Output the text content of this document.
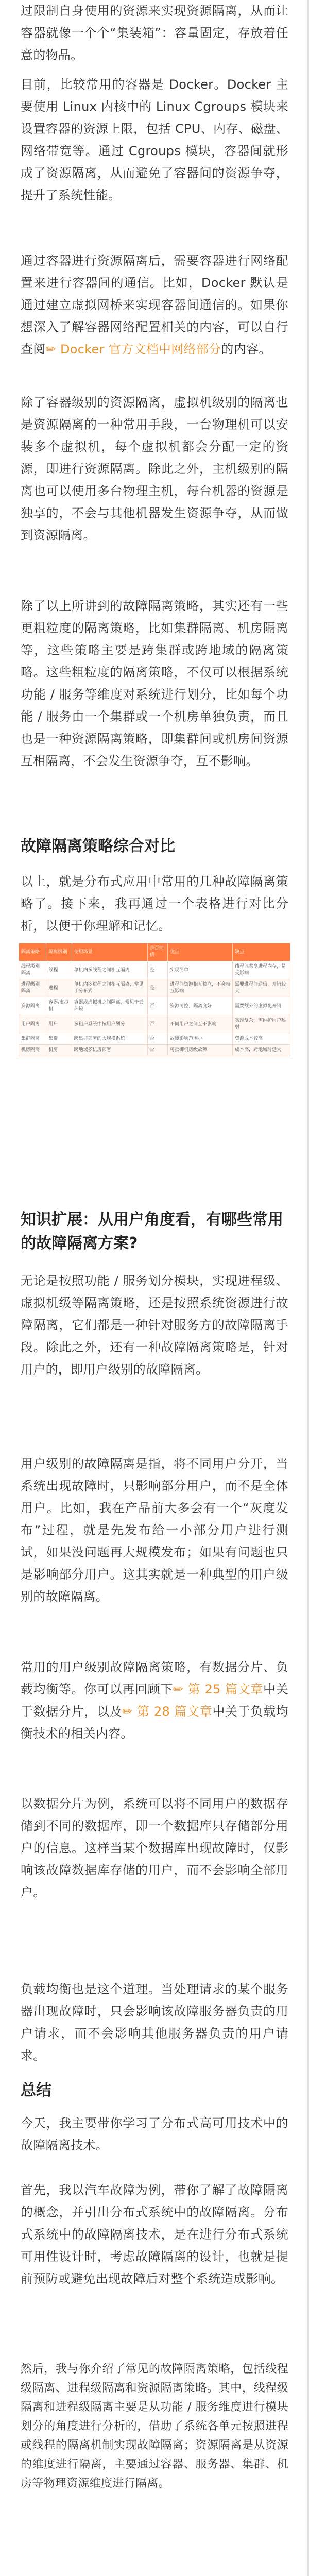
过限制自身使用的资源来实现资源隔离，从而让容器就像一个个“集装箱”：容量固定，存放着任意的物品。

目前，比较常用的容器是 Docker。Docker 主要使用 Linux 内核中的 Linux Cgroups 模块来设置容器的资源上限，包括 CPU、内存、磁盘、网络带宽等。通过 Cgroups 模块，容器间就形成了资源隔离，从而避免了容器间的资源争夺，提升了系统性能。

通过容器进行资源隔离后，需要容器进行网络配置来进行容器间的通信。比如，Docker 默认是通过建立虚拟网桥来实现容器间通信的。如果你想深入了解容器网络配置相关的内容，可以自行查阅✏ Docker 官方文档中网络部分的内容。

除了容器级别的资源隔离，虚拟机级别的隔离也是资源隔离的一种常用手段，一台物理机可以安装多个虚拟机，每个虚拟机都会分配一定的资源，即进行资源隔离。除此之外，主机级别的隔离也可以使用多台物理主机，每台机器的资源是独享的，不会与其他机器发生资源争夺，从而做到资源隔离。

除了以上所讲到的故障隔离策略，其实还有一些更粗粒度的隔离策略，比如集群隔离、机房隔离等，这些策略主要是跨集群或跨地域的隔离策略。这些粗粒度的隔离策略，不仅可以根据系统功能 / 服务等维度对系统进行划分，比如每个功能 / 服务由一个集群或一个机房单独负责，而且也是一种资源隔离策略，即集群间或机房间资源互相隔离，不会发生资源争夺，互不影响。

故障隔离策略综合对比

以上，就是分布式应用中常用的几种故障隔离策略了。接下来，我再通过一个表格进行对比分析，以便于你理解和记忆。

隔离策略	隔离级别	使用场景	是否同质	优点	缺点
线程级别隔离	线程	单机内多线程之间相互隔离	是	实现简单	线程间共享进程内存，易受影响
进程级别隔离	进程	单机内多进程之间相互隔离，常见于分布式	是	进程间资源相互独立，不会相互影响	需要进程间通信，开销较大
资源隔离	容器/虚拟机	容器或虚拟机之间隔离，常见于云环境	否	资源可控，隔离度好	需要额外的虚拟化开销
用户隔离	用户	多租户系统中按用户划分	否	不同用户之间互不影响	实现复杂，需维护用户映射
集群隔离	集群	跨集群部署的大规模系统	否	故障影响范围小	资源成本较高
机房隔离	机房	跨地域多机房部署	否	可抵御机房级故障	成本高，跨地域时延大
知识扩展：从用户角度看，有哪些常用的故障隔离方案?

无论是按照功能 / 服务划分模块，实现进程级、虚拟机级等隔离策略，还是按照系统资源进行故障隔离，它们都是一种针对服务方的故障隔离手段。除此之外，还有一种故障隔离策略是，针对用户的，即用户级别的故障隔离。

用户级别的故障隔离是指，将不同用户分开，当系统出现故障时，只影响部分用户，而不是全体用户。比如，我在产品前大多会有一个“灰度发布”过程，就是先发布给一小部分用户进行测试，如果没问题再大规模发布；如果有问题也只是影响部分用户。这其实就是一种典型的用户级别的故障隔离。

常用的用户级别故障隔离策略，有数据分片、负载均衡等。你可以再回顾下✏ 第 25 篇文章中关于数据分片，以及✏ 第 28 篇文章中关于负载均衡技术的相关内容。

以数据分片为例，系统可以将不同用户的数据存储到不同的数据库，即一个数据库只存储部分用户的信息。这样当某个数据库出现故障时，仅影响该故障数据库存储的用户，而不会影响全部用户。

负载均衡也是这个道理。当处理请求的某个服务器出现故障时，只会影响该故障服务器负责的用户请求，而不会影响其他服务器负责的用户请求。

总结

今天，我主要带你学习了分布式高可用技术中的故障隔离技术。

首先，我以汽车故障为例，带你了解了故障隔离的概念，并引出分布式系统中的故障隔离。分布式系统中的故障隔离技术，是在进行分布式系统可用性设计时，考虑故障隔离的设计，也就是提前预防或避免出现故障后对整个系统造成影响。

然后，我与你介绍了常见的故障隔离策略，包括线程级隔离、进程级隔离和资源隔离策略。其中，线程级隔离和进程级隔离主要是从功能 / 服务维度进行模块划分的角度进行分析的，借助了系统各单元按照进程或线程的隔离机制实现故障隔离；资源隔离是从资源的维度进行隔离，主要通过容器、服务器、集群、机房等物理资源维度进行隔离。
